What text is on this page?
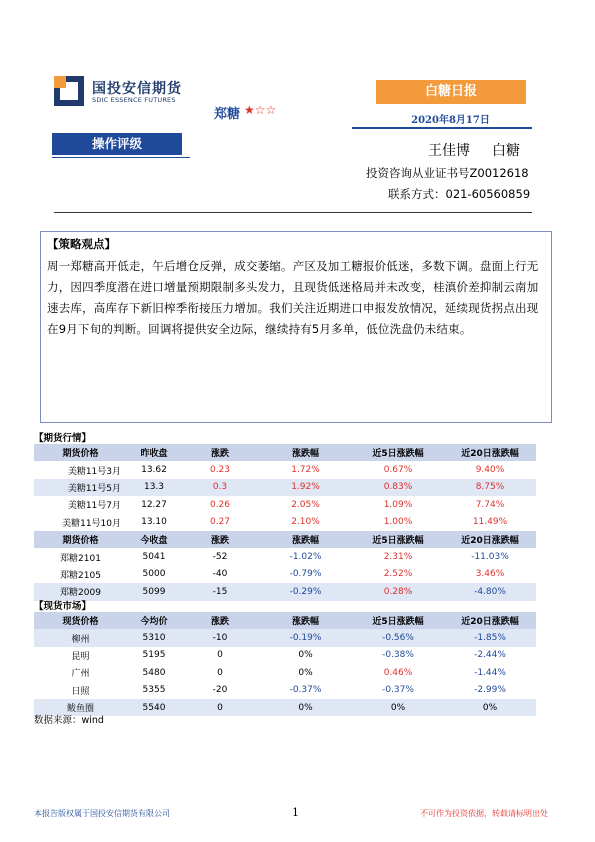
国投安信期货
SDIC ESSENCE FUTURES
郑糖 ★☆☆
白糖日报
2020年8月17日
操作评级	王佳博 白糖
投资咨询从业证书号Z0012618
联系方式：021-60560859
【策略观点】
周一郑糖高开低走，午后增仓反弹，成交萎缩。产区及加工糖报价低迷，多数下调。盘面上行无力，因四季度潜在进口增量预期限制多头发力，且现货低迷格局并未改变，桂滇价差抑制云南加速去库，高库存下新旧榨季衔接压力增加。我们关注近期进口申报发放情况，延续现货拐点出现在9月下旬的判断。回调将提供安全边际，继续持有5月多单，低位洗盘仍未结束。
【期货行情】
期货价格	昨收盘	涨跌	涨跌幅	近5日涨跌幅	近20日涨跌幅
美糖11号3月	13.62	0.23	1.72%	0.67%	9.40%
美糖11号5月	13.3	0.3	1.92%	0.83%	8.75%
美糖11号7月	12.27	0.26	2.05%	1.09%	7.74%
美糖11号10月	13.10	0.27	2.10%	1.00%	11.49%
期货价格	今收盘	涨跌	涨跌幅	近5日涨跌幅	近20日涨跌幅
郑糖2101	5041	-52	-1.02%	2.31%	-11.03%
郑糖2105	5000	-40	-0.79%	2.52%	3.46%
郑糖2009	5099	-15	-0.29%	0.28%	-4.80%
【现货市场】
现货价格	今均价	涨跌	涨跌幅	近5日涨跌幅	近20日涨跌幅
柳州	5310	-10	-0.19%	-0.56%	-1.85%
昆明	5195	0	0%	-0.38%	-2.44%
广州	5480	0	0%	0.46%	-1.44%
日照	5355	-20	-0.37%	-0.37%	-2.99%
鲅鱼圈	5540	0	0%	0%	0%
数据来源：wind
本报告版权属于国投安信期货有限公司	1	不可作为投资依据，转载请标明出处
